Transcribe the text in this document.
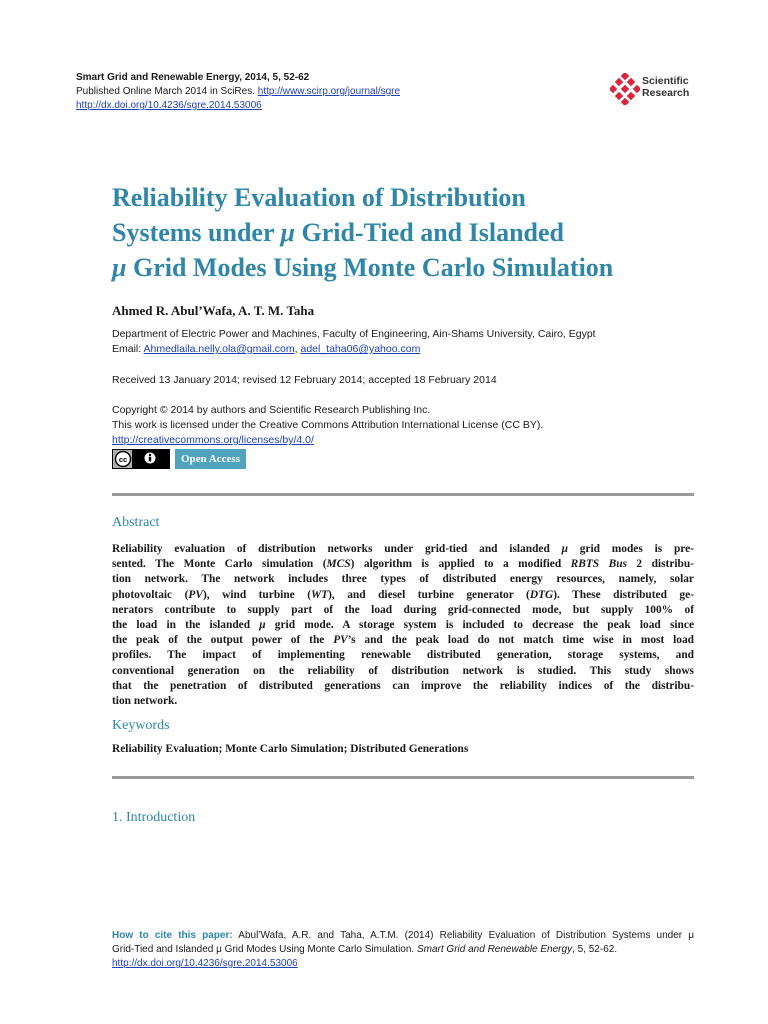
Smart Grid and Renewable Energy, 2014, 5, 52-62
Published Online March 2014 in SciRes. http://www.scirp.org/journal/sgre
http://dx.doi.org/10.4236/sgre.2014.53006
Scientific
Research
Reliability Evaluation of Distribution
Systems under μ Grid-Tied and Islanded
μ Grid Modes Using Monte Carlo Simulation
Ahmed R. Abul’Wafa, A. T. M. Taha
Department of Electric Power and Machines, Faculty of Engineering, Ain-Shams University, Cairo, Egypt
Email: Ahmedlaila.nelly.ola@gmail.com, adel_taha06@yahoo.com
Received 13 January 2014; revised 12 February 2014; accepted 18 February 2014
Copyright © 2014 by authors and Scientific Research Publishing Inc.
This work is licensed under the Creative Commons Attribution International License (CC BY).
http://creativecommons.org/licenses/by/4.0/
cc	Open Access
Abstract
Reliability evaluation of distribution networks under grid-tied and islanded μ grid modes is pre-
sented. The Monte Carlo simulation (MCS) algorithm is applied to a modified RBTS Bus 2 distribu-
tion network. The network includes three types of distributed energy resources, namely, solar
photovoltaic (PV), wind turbine (WT), and diesel turbine generator (DTG). These distributed ge-
nerators contribute to supply part of the load during grid-connected mode, but supply 100% of
the load in the islanded μ grid mode. A storage system is included to decrease the peak load since
the peak of the output power of the PV’s and the peak load do not match time wise in most load
profiles. The impact of implementing renewable distributed generation, storage systems, and
conventional generation on the reliability of distribution network is studied. This study shows
that the penetration of distributed generations can improve the reliability indices of the distribu-
tion network.
Keywords
Reliability Evaluation; Monte Carlo Simulation; Distributed Generations
1. Introduction
How to cite this paper: Abul’Wafa, A.R. and Taha, A.T.M. (2014) Reliability Evaluation of Distribution Systems under μ
Grid-Tied and Islanded μ Grid Modes Using Monte Carlo Simulation. Smart Grid and Renewable Energy, 5, 52-62.
http://dx.doi.org/10.4236/sgre.2014.53006
